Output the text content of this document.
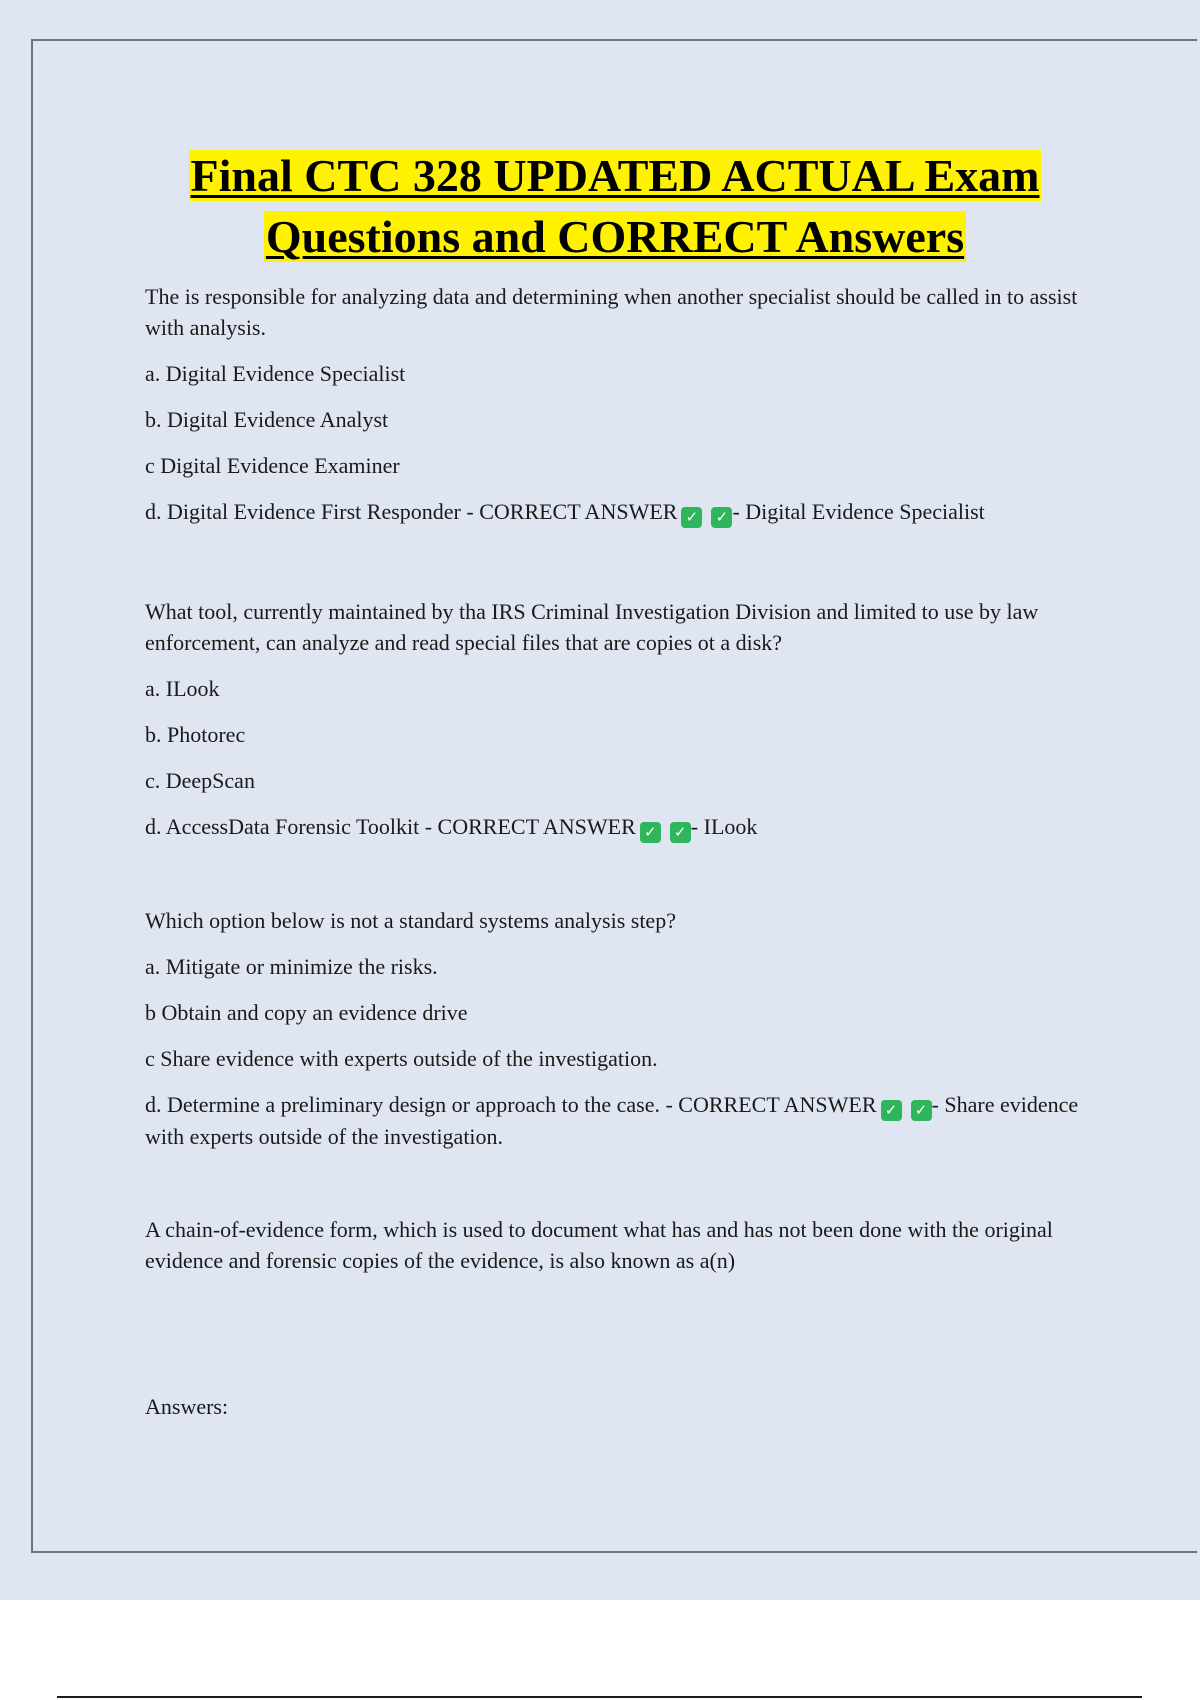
Final CTC 328 UPDATED ACTUAL Exam
Questions and CORRECT Answers

The is responsible for analyzing data and determining when another specialist should be called in to assist with analysis.

a. Digital Evidence Specialist

b. Digital Evidence Analyst

c Digital Evidence Examiner

d. Digital Evidence First Responder - CORRECT ANSWER ✓ ✓ - Digital Evidence Specialist

What tool, currently maintained by tha IRS Criminal Investigation Division and limited to use by law enforcement, can analyze and read special files that are copies ot a disk?

a. ILook

b. Photorec

c. DeepScan

d. AccessData Forensic Toolkit - CORRECT ANSWER ✓ ✓ - ILook

Which option below is not a standard systems analysis step?

a. Mitigate or minimize the risks.

b Obtain and copy an evidence drive

c Share evidence with experts outside of the investigation.

d. Determine a preliminary design or approach to the case. - CORRECT ANSWER ✓ ✓ - Share evidence with experts outside of the investigation.

A chain-of-evidence form, which is used to document what has and has not been done with the original evidence and forensic copies of the evidence, is also known as a(n)

Answers:
